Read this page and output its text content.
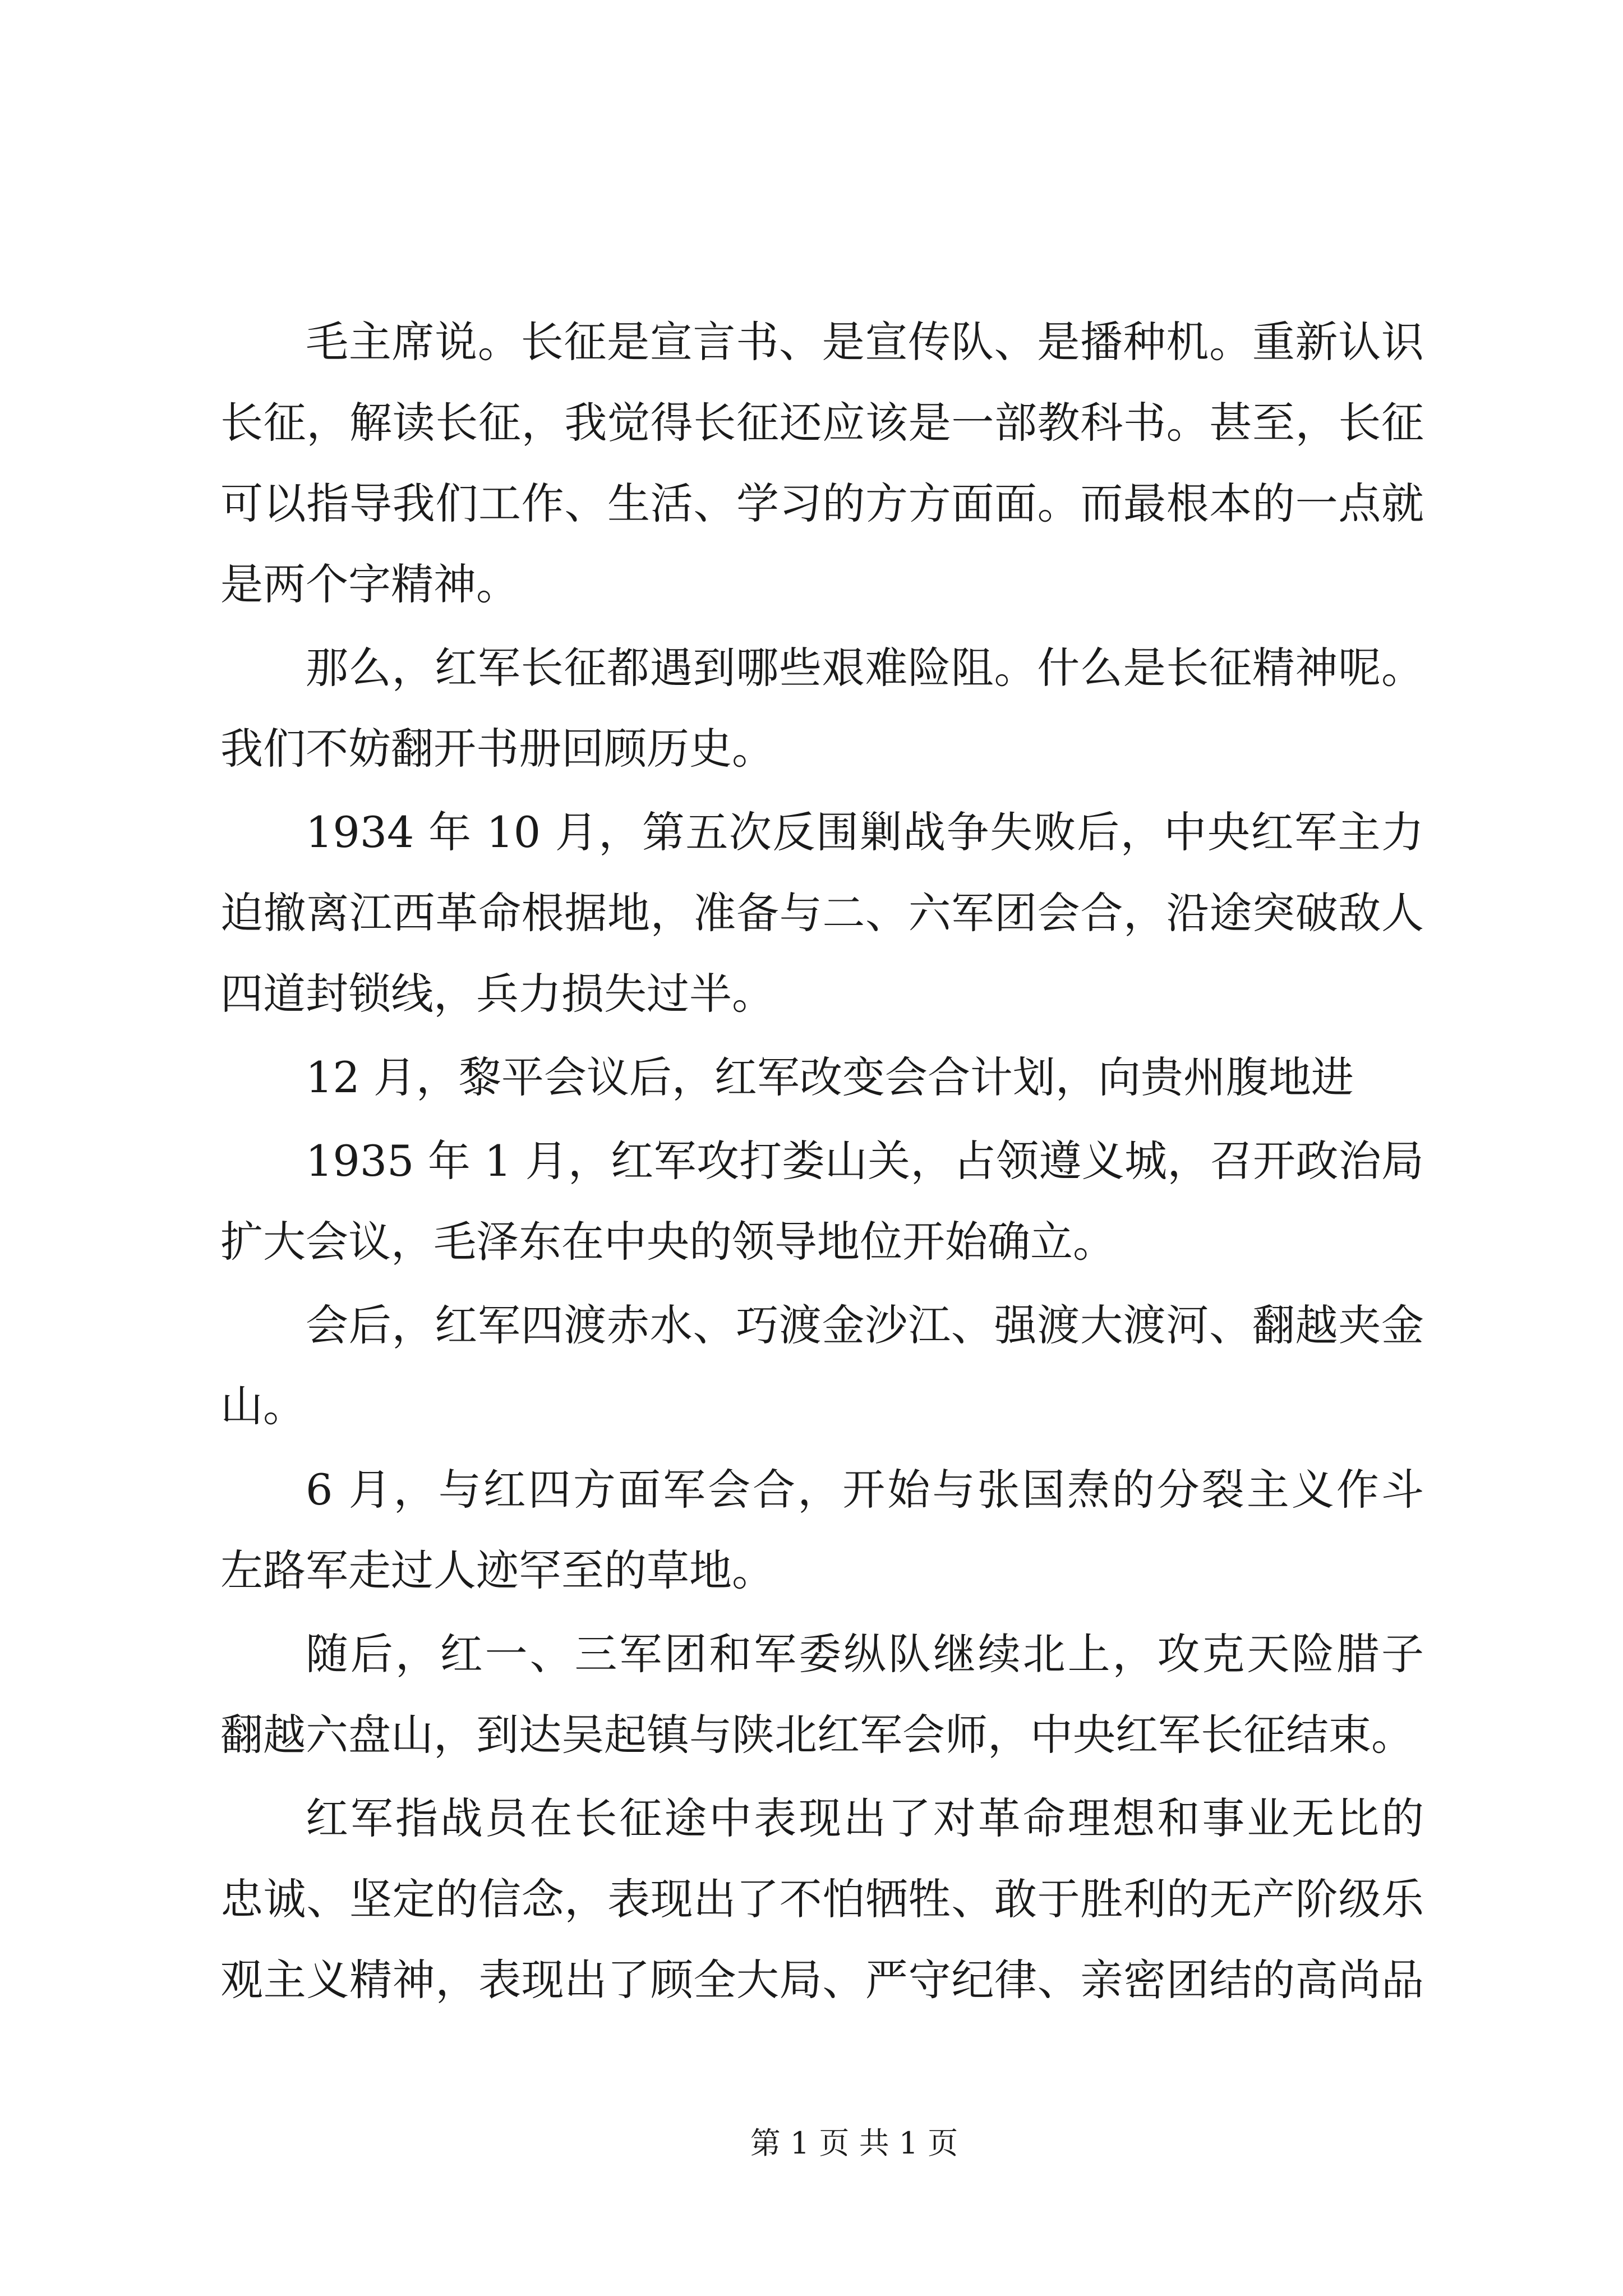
毛主席说。长征是宣言书、是宣传队、是播种机。重新认识
长征，解读长征，我觉得长征还应该是一部教科书。甚至，长征
可以指导我们工作、生活、学习的方方面面。而最根本的一点就
是两个字精神。
那么，红军长征都遇到哪些艰难险阻。什么是长征精神呢。
我们不妨翻开书册回顾历史。
1934 年 10 月，第五次反围剿战争失败后，中央红军主力
迫撤离江西革命根据地，准备与二、六军团会合，沿途突破敌人
四道封锁线，兵力损失过半。
12 月，黎平会议后，红军改变会合计划，向贵州腹地进
1935 年 1 月，红军攻打娄山关，占领遵义城，召开政治局
扩大会议，毛泽东在中央的领导地位开始确立。
会后，红军四渡赤水、巧渡金沙江、强渡大渡河、翻越夹金
山。
6 月，与红四方面军会合，开始与张国焘的分裂主义作斗
左路军走过人迹罕至的草地。
随后，红一、三军团和军委纵队继续北上，攻克天险腊子
翻越六盘山，到达吴起镇与陕北红军会师，中央红军长征结束。
红军指战员在长征途中表现出了对革命理想和事业无比的
忠诚、坚定的信念，表现出了不怕牺牲、敢于胜利的无产阶级乐
观主义精神，表现出了顾全大局、严守纪律、亲密团结的高尚品
第 1 页 共 1 页
